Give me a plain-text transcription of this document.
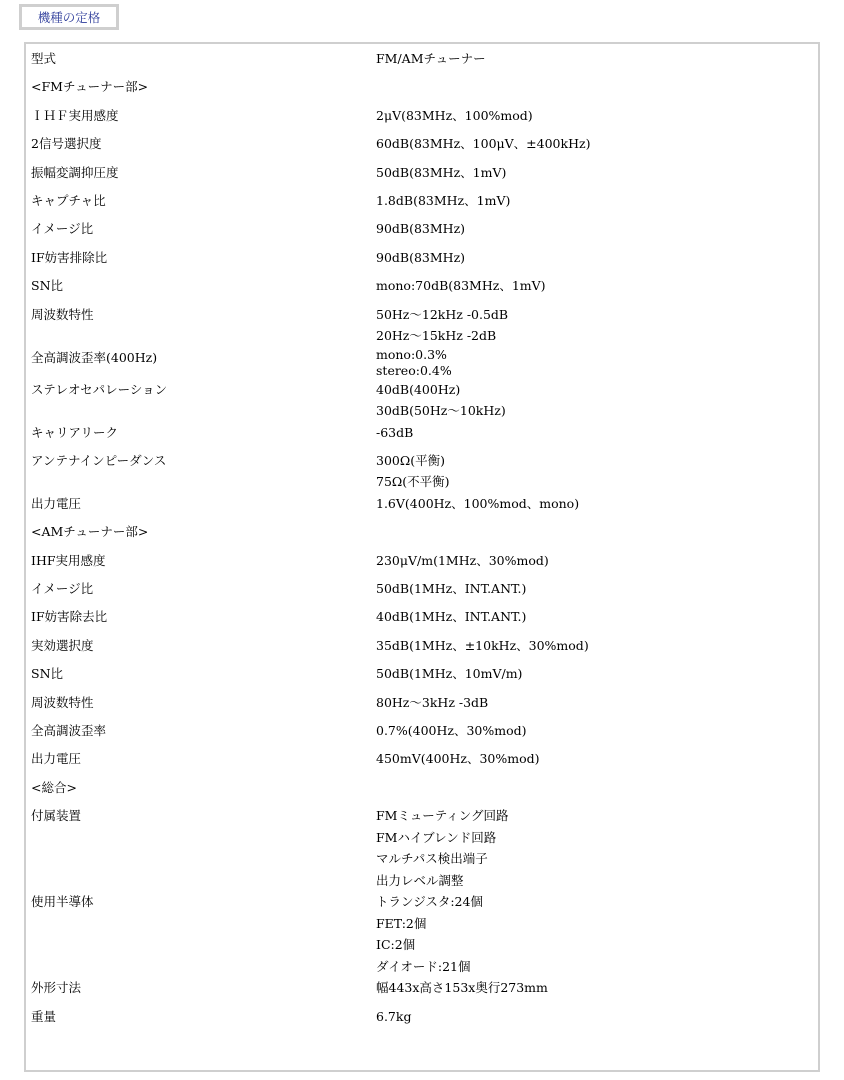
機種の定格
型式	FM/AMチューナー

<FMチューナー部>	
ＩＨＦ実用感度	2μV(83MHz、100%mod)

2信号選択度	60dB(83MHz、100μV、±400kHz)

振幅変調抑圧度	50dB(83MHz、1mV)

キャプチャ比	1.8dB(83MHz、1mV)

イメージ比	90dB(83MHz)

IF妨害排除比	90dB(83MHz)

SN比	mono:70dB(83MHz、1mV)

周波数特性	50Hz～12kHz -0.5dB
20Hz～15kHz -2dB

全高調波歪率(400Hz)	mono:0.3%
stereo:0.4%

ステレオセパレーション	40dB(400Hz)
30dB(50Hz～10kHz)

キャリアリーク	-63dB

アンテナインピーダンス	300Ω(平衡)
75Ω(不平衡)

出力電圧	1.6V(400Hz、100%mod、mono)

<AMチューナー部>	
IHF実用感度	230μV/m(1MHz、30%mod)

イメージ比	50dB(1MHz、INT.ANT.)

IF妨害除去比	40dB(1MHz、INT.ANT.)

実効選択度	35dB(1MHz、±10kHz、30%mod)

SN比	50dB(1MHz、10mV/m)

周波数特性	80Hz～3kHz -3dB

全高調波歪率	0.7%(400Hz、30%mod)

出力電圧	450mV(400Hz、30%mod)

<総合>	
付属装置	FMミューティング回路
FMハイブレンド回路
マルチパス検出端子
出力レベル調整

使用半導体	トランジスタ:24個
FET:2個
IC:2個
ダイオード:21個

外形寸法	幅443x高さ153x奥行273mm

重量	6.7kg
